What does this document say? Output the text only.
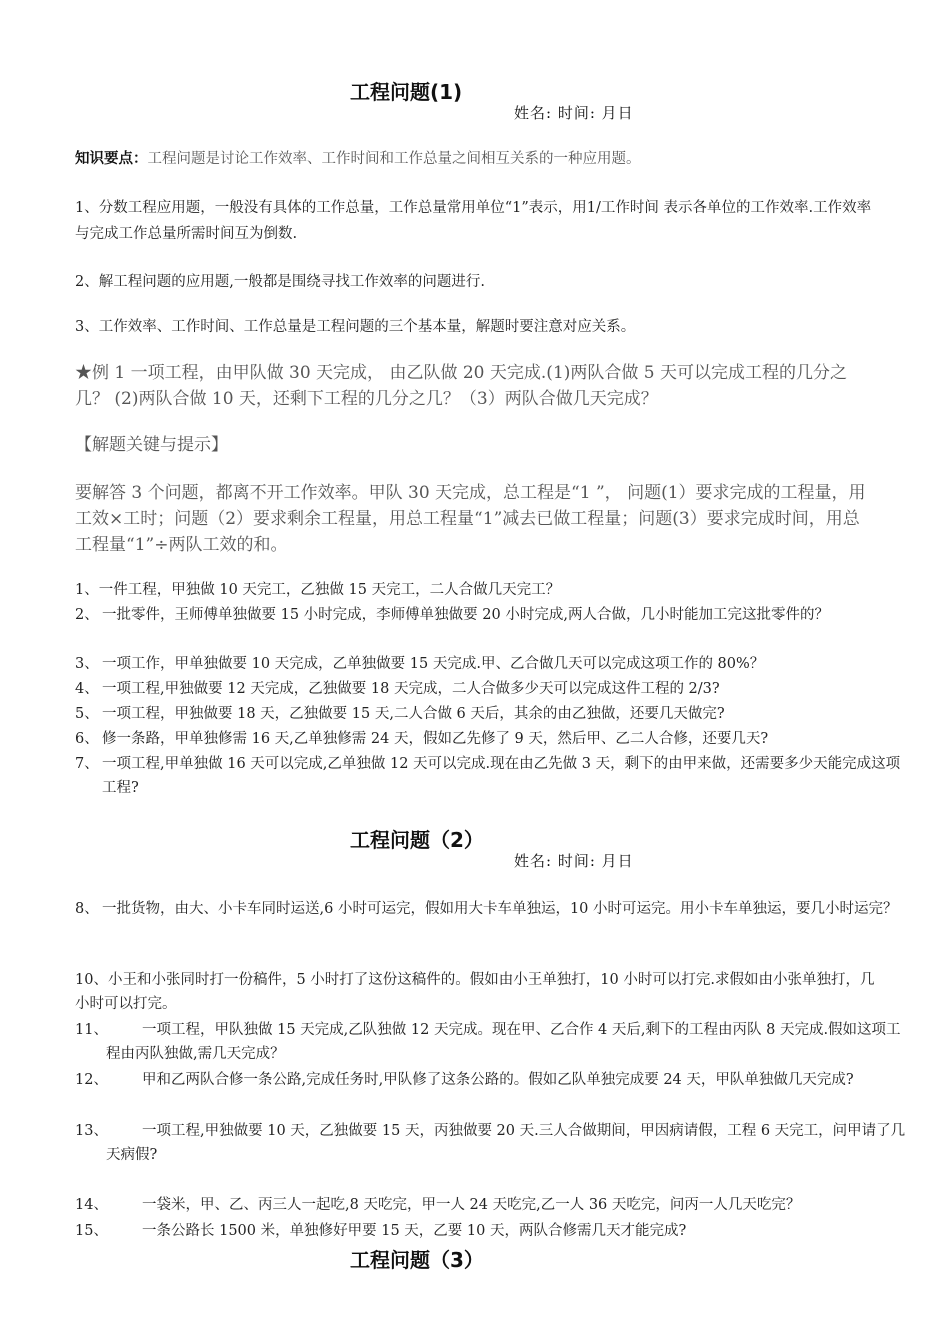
工程问题(1)
姓名: 时间: 月日
知识要点：工程问题是讨论工作效率、工作时间和工作总量之间相互关系的一种应用题。
1、分数工程应用题，一般没有具体的工作总量，工作总量常用单位“1”表示，用1/工作时间 表示各单位的工作效率.工作效率与完成工作总量所需时间互为倒数.
2、解工程问题的应用题,一般都是围绕寻找工作效率的问题进行.
3、工作效率、工作时间、工作总量是工程问题的三个基本量，解题时要注意对应关系。
★例 1 一项工程，由甲队做 30 天完成， 由乙队做 20 天完成.(1)两队合做 5 天可以完成工程的几分之几？ (2)两队合做 10 天，还剩下工程的几分之几？（3）两队合做几天完成？
【解题关键与提示】
要解答 3 个问题，都离不开工作效率。甲队 30 天完成，总工程是“1 ”， 问题(1）要求完成的工程量，用工效×工时；问题（2）要求剩余工程量，用总工程量“1”减去已做工程量；问题(3）要求完成时间，用总工程量“1”÷两队工效的和。
1、一件工程，甲独做 10 天完工，乙独做 15 天完工，二人合做几天完工？
2、 一批零件，王师傅单独做要 15 小时完成，李师傅单独做要 20 小时完成,两人合做，几小时能加工完这批零件的？
3、 一项工作，甲单独做要 10 天完成，乙单独做要 15 天完成.甲、乙合做几天可以完成这项工作的 80%？
4、 一项工程,甲独做要 12 天完成，乙独做要 18 天完成，二人合做多少天可以完成这件工程的 2/3?
5、 一项工程，甲独做要 18 天，乙独做要 15 天,二人合做 6 天后，其余的由乙独做，还要几天做完?
6、 修一条路，甲单独修需 16 天,乙单独修需 24 天，假如乙先修了 9 天，然后甲、乙二人合修，还要几天?
7、 一项工程,甲单独做 16 天可以完成,乙单独做 12 天可以完成.现在由乙先做 3 天，剩下的由甲来做，还需要多少天能完成这项工程?
工程问题（2）
姓名: 时间: 月日
8、 一批货物，由大、小卡车同时运送,6 小时可运完，假如用大卡车单独运，10 小时可运完。用小卡车单独运，要几小时运完？
10、小王和小张同时打一份稿件，5 小时打了这份这稿件的。假如由小王单独打，10 小时可以打完.求假如由小张单独打，几小时可以打完。
11、 一项工程，甲队独做 15 天完成,乙队独做 12 天完成。现在甲、乙合作 4 天后,剩下的工程由丙队 8 天完成.假如这项工程由丙队独做,需几天完成？
12、 甲和乙两队合修一条公路,完成任务时,甲队修了这条公路的。假如乙队单独完成要 24 天，甲队单独做几天完成?
13、 一项工程,甲独做要 10 天，乙独做要 15 天，丙独做要 20 天.三人合做期间，甲因病请假，工程 6 天完工，问甲请了几天病假?
14、 一袋米，甲、乙、丙三人一起吃,8 天吃完，甲一人 24 天吃完,乙一人 36 天吃完，问丙一人几天吃完？
15、 一条公路长 1500 米，单独修好甲要 15 天，乙要 10 天，两队合修需几天才能完成?
工程问题（3）
